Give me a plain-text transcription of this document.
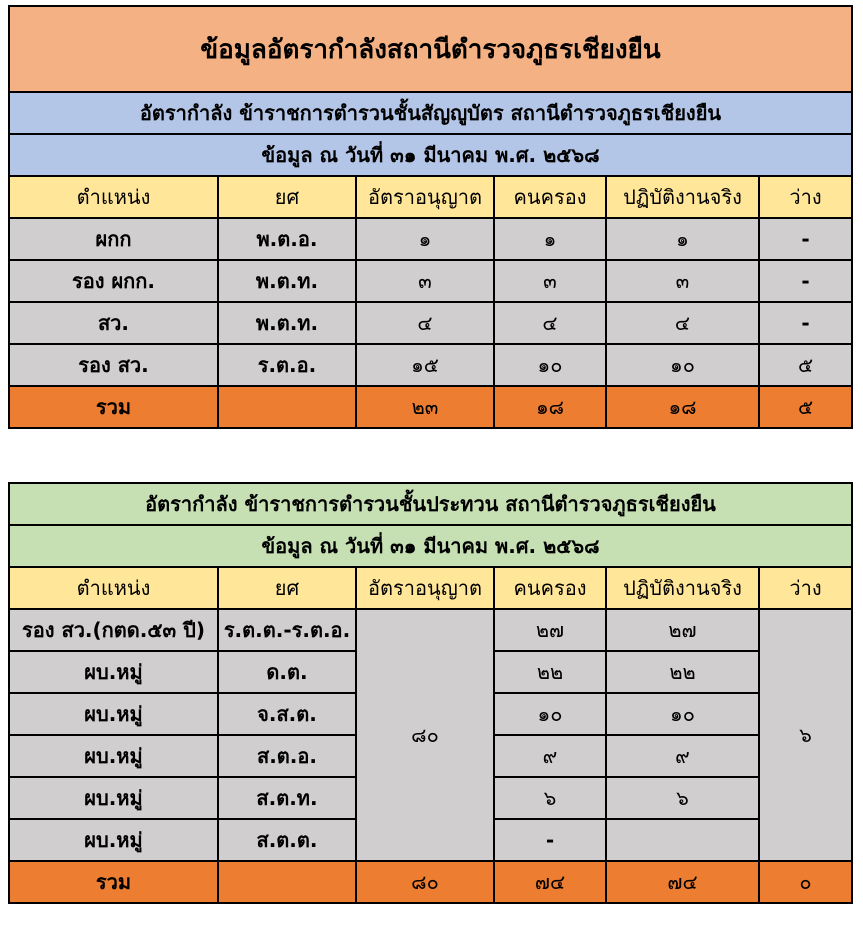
ข้อมูลอัตรากำลังสถานีตำรวจภูธรเชียงยืน					
อัตรากำลัง ข้าราชการตำรวนชั้นสัญญูบัตร สถานีตำรวจภูธรเชียงยืน					
ข้อมูล ณ วันที่ ๓๑ มีนาคม พ.ศ. ๒๕๖๘					
ตำแหน่ง	ยศ	อัตราอนุญาต	คนครอง	ปฏิบัติงานจริง	ว่าง
ผกก	พ.ต.อ.	๑	๑	๑	-
รอง ผกก.	พ.ต.ท.	๓	๓	๓	-
สว.	พ.ต.ท.	๔	๔	๔	-
รอง สว.	ร.ต.อ.	๑๕	๑๐	๑๐	๕
รวม		๒๓	๑๘	๑๘	๕
อัตรากำลัง ข้าราชการตำรวนชั้นประทวน สถานีตำรวจภูธรเชียงยืน					
ข้อมูล ณ วันที่ ๓๑ มีนาคม พ.ศ. ๒๕๖๘					
ตำแหน่ง	ยศ	อัตราอนุญาต	คนครอง	ปฏิบัติงานจริง	ว่าง
รอง สว.(กตด.๕๓ ปี)	ร.ต.ต.-ร.ต.อ.	๘๐	๒๗	๒๗	๖
ผบ.หมู่	ด.ต.		๒๒	๒๒	
ผบ.หมู่	จ.ส.ต.		๑๐	๑๐	
ผบ.หมู่	ส.ต.อ.		๙	๙	
ผบ.หมู่	ส.ต.ท.		๖	๖	
ผบ.หมู่	ส.ต.ต.		-		
รวม		๘๐	๗๔	๗๔	๐
